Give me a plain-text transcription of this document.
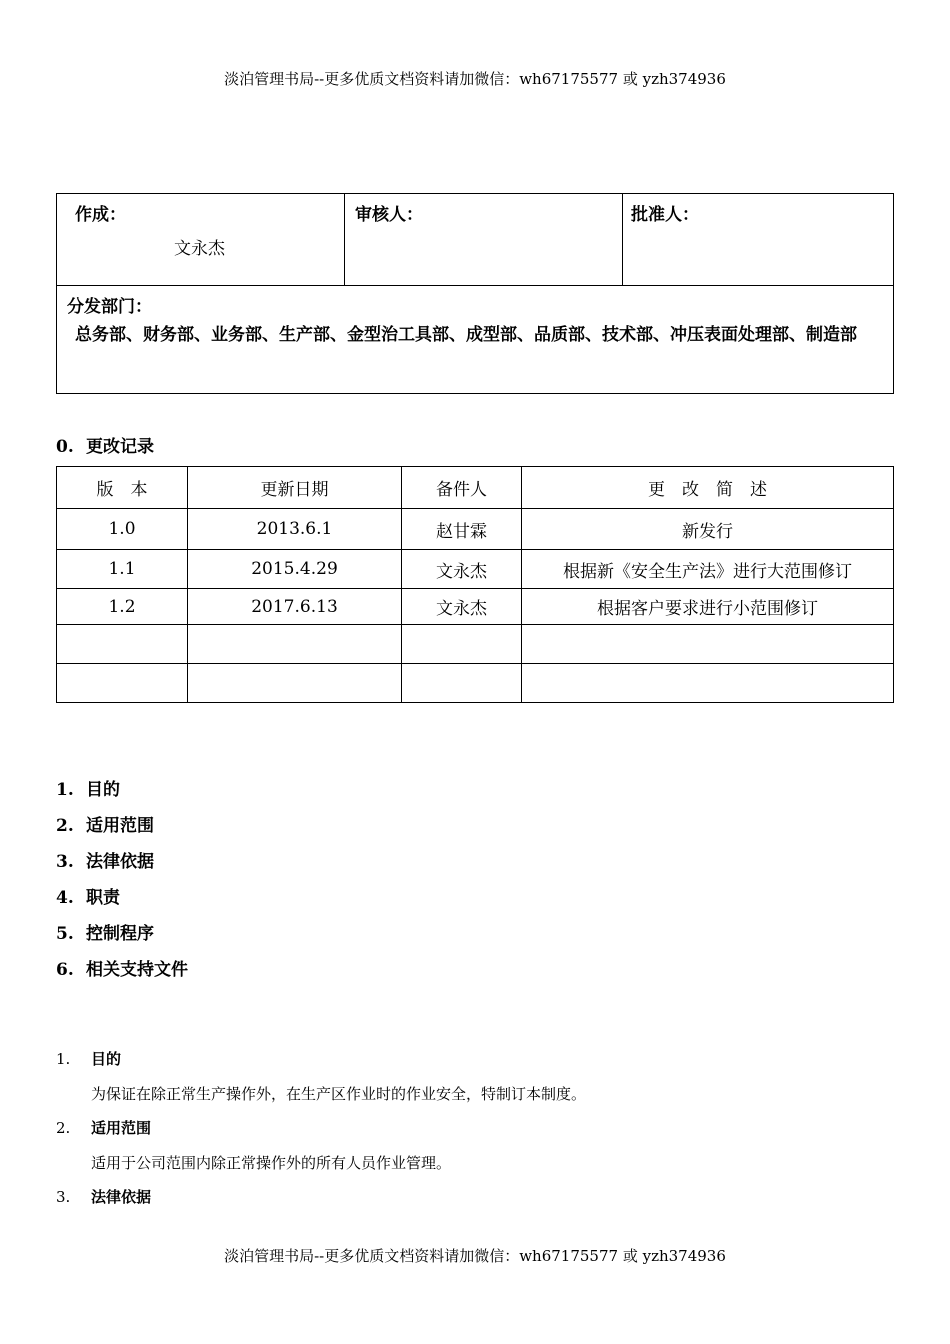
淡泊管理书局--更多优质文档资料请加微信：wh67175577 或 yzh374936
作成：
文永杰

审核人：	批准人：

分发部门：
总务部、财务部、业务部、生产部、金型治工具部、成型部、品质部、技术部、冲压表面处理部、制造部
0. 更改记录
版　本	更新日期	备件人	更　改　简　述
1.0	2013.6.1	赵甘霖	新发行
1.1	2015.4.29	文永杰	根据新《安全生产法》进行大范围修订
1.2	2017.6.13	文永杰	根据客户要求进行小范围修订

1. 目的
2. 适用范围
3. 法律依据
4. 职责
5. 控制程序
6. 相关支持文件
1. 目的
为保证在除正常生产操作外，在生产区作业时的作业安全，特制订本制度。
2. 适用范围
适用于公司范围内除正常操作外的所有人员作业管理。
3. 法律依据
淡泊管理书局--更多优质文档资料请加微信：wh67175577 或 yzh374936
